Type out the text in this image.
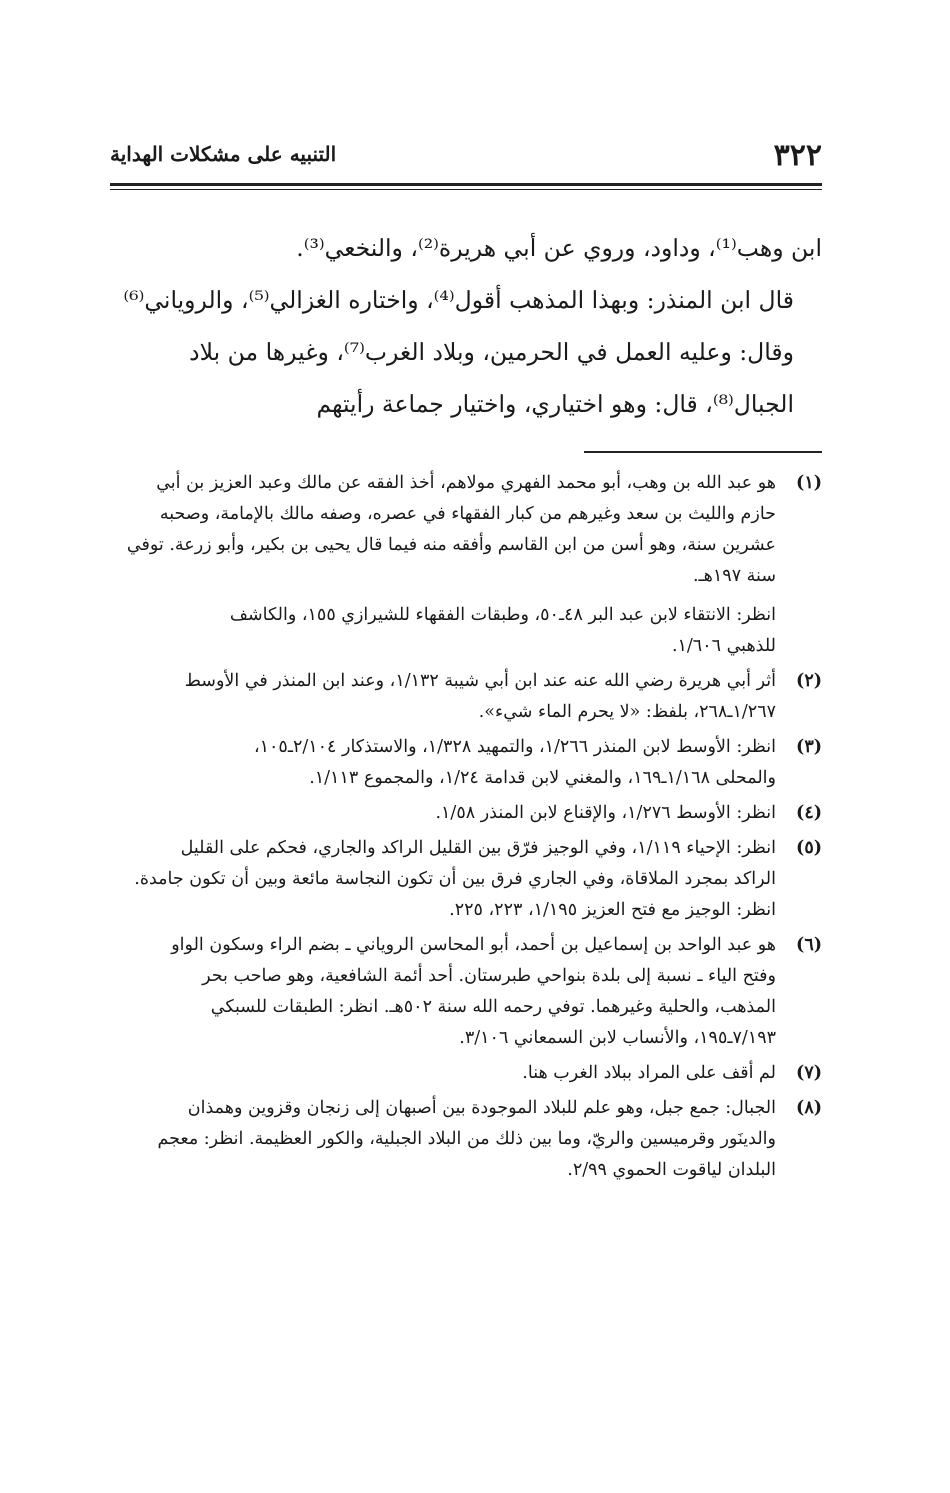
٣٢٢
التنبيه على مشكلات الهداية

ابن وهب⁽¹⁾، وداود، وروي عن أبي هريرة⁽²⁾، والنخعي⁽³⁾.

قال ابن المنذر: وبهذا المذهب أقول⁽⁴⁾، واختاره الغزالي⁽⁵⁾، والروياني⁽⁶⁾
وقال: وعليه العمل في الحرمين، وبلاد الغرب⁽⁷⁾، وغيرها من بلاد
الجبال⁽⁸⁾، قال: وهو اختياري، واختيار جماعة رأيتهم

(١)
هو عبد الله بن وهب، أبو محمد الفهري مولاهم، أخذ الفقه عن مالك وعبد العزيز بن أبي
حازم والليث بن سعد وغيرهم من كبار الفقهاء في عصره، وصفه مالك بالإمامة، وصحبه
عشرين سنة، وهو أسن من ابن القاسم وأفقه منه فيما قال يحيى بن بكير، وأبو زرعة. توفي
سنة ١٩٧هـ.
انظر: الانتقاء لابن عبد البر ٤٨ـ٥٠، وطبقات الفقهاء للشيرازي ١٥٥، والكاشف
للذهبي ١/٦٠٦.
(٢)
أثر أبي هريرة رضي الله عنه عند ابن أبي شيبة ١/١٣٢، وعند ابن المنذر في الأوسط
١/٢٦٧ـ٢٦٨، بلفظ: «لا يحرم الماء شيء».
(٣)
انظر: الأوسط لابن المنذر ١/٢٦٦، والتمهيد ١/٣٢٨، والاستذكار ٢/١٠٤ـ١٠٥،
والمحلى ١/١٦٨ـ١٦٩، والمغني لابن قدامة ١/٢٤، والمجموع ١/١١٣.
(٤)
انظر: الأوسط ١/٢٧٦، والإقناع لابن المنذر ١/٥٨.
(٥)
انظر: الإحياء ١/١١٩، وفي الوجيز فرّق بين القليل الراكد والجاري، فحكم على القليل
الراكد بمجرد الملاقاة، وفي الجاري فرق بين أن تكون النجاسة مائعة وبين أن تكون جامدة.
انظر: الوجيز مع فتح العزيز ١/١٩٥، ٢٢٣، ٢٢٥.
(٦)
هو عبد الواحد بن إسماعيل بن أحمد، أبو المحاسن الروياني ـ بضم الراء وسكون الواو
وفتح الياء ـ نسبة إلى بلدة بنواحي طبرستان. أحد أئمة الشافعية، وهو صاحب بحر
المذهب، والحلية وغيرهما. توفي رحمه الله سنة ٥٠٢هـ. انظر: الطبقات للسبكي
٧/١٩٣ـ١٩٥، والأنساب لابن السمعاني ٣/١٠٦.
(٧)
لم أقف على المراد ببلاد الغرب هنا.
(٨)
الجبال: جمع جبل، وهو علم للبلاد الموجودة بين أصبهان إلى زنجان وقزوين وهمذان
والدينَور وقرميسين والريّ، وما بين ذلك من البلاد الجبلية، والكور العظيمة. انظر: معجم
البلدان لياقوت الحموي ٢/٩٩.
